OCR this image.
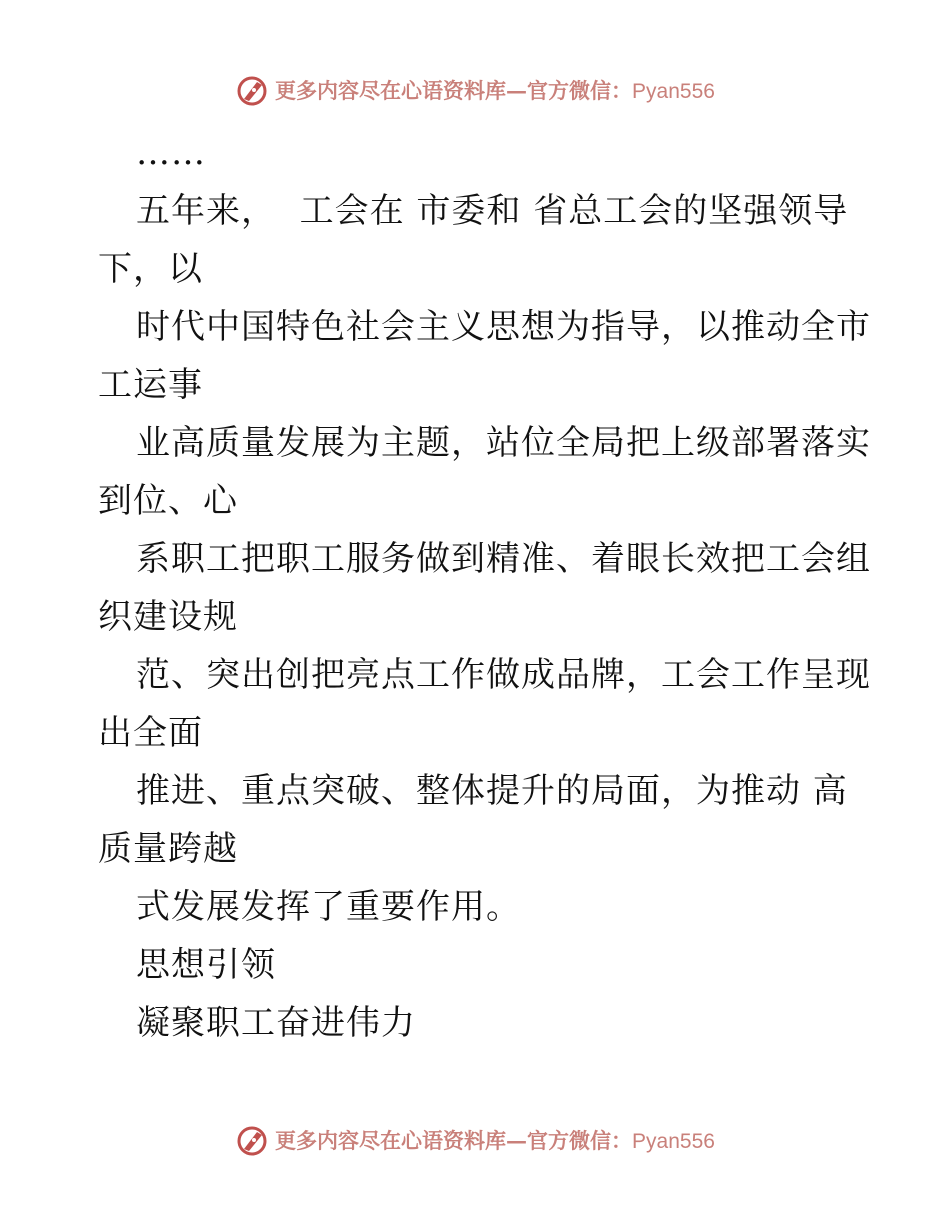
更多内容尽在心语资料库—官方微信：Pyan556
……
五年来，  工会在 市委和 省总工会的坚强领导
下，以
时代中国特色社会主义思想为指导，以推动全市
工运事
业高质量发展为主题，站位全局把上级部署落实
到位、心
系职工把职工服务做到精准、着眼长效把工会组
织建设规
范、突出创把亮点工作做成品牌，工会工作呈现
出全面
推进、重点突破、整体提升的局面，为推动 高
质量跨越
式发展发挥了重要作用。
思想引领
凝聚职工奋进伟力
更多内容尽在心语资料库—官方微信：Pyan556
